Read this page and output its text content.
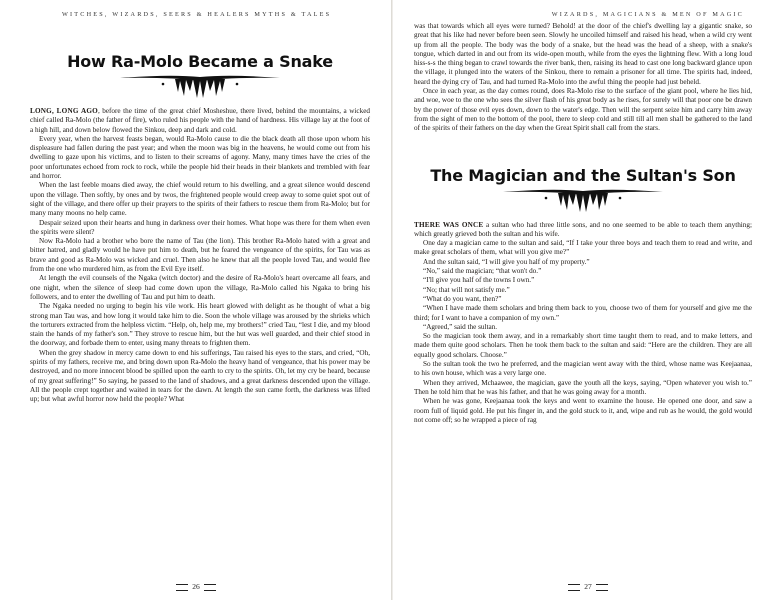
WITCHES, WIZARDS, SEERS & HEALERS MYTHS & TALES
How Ra-Molo Became a Snake

LONG, LONG AGO, before the time of the great chief Mosheshue, there lived, behind the mountains, a wicked chief called Ra-Molo (the father of fire), who ruled his people with the hand of hardness. His village lay at the foot of a high hill, and down below flowed the Sinkou, deep and dark and cold.

Every year, when the harvest feasts began, would Ra-Molo cause to die the black death all those upon whom his displeasure had fallen during the past year; and when the moon was big in the heavens, he would come out from his dwelling to gaze upon his victims, and to listen to their screams of agony. Many, many times have the cries of the poor unfortunates echoed from rock to rock, while the people hid their heads in their blankets and trembled with fear and horror.

When the last feeble moans died away, the chief would return to his dwelling, and a great silence would descend upon the village. Then softly, by ones and by twos, the frightened people would creep away to some quiet spot out of sight of the village, and there offer up their prayers to the spirits of their fathers to rescue them from Ra-Molo; but for many many moons no help came.

Despair seized upon their hearts and hung in darkness over their homes. What hope was there for them when even the spirits were silent?

Now Ra-Molo had a brother who bore the name of Tau (the lion). This brother Ra-Molo hated with a great and bitter hatred, and gladly would he have put him to death, but he feared the vengeance of the spirits, for Tau was as brave and good as Ra-Molo was wicked and cruel. Then also he knew that all the people loved Tau, and would flee from the one who murdered him, as from the Evil Eye itself.

At length the evil counsels of the Ngaka (witch doctor) and the desire of Ra-Molo's heart overcame all fears, and one night, when the silence of sleep had come down upon the village, Ra-Molo called his Ngaka to bring his followers, and to enter the dwelling of Tau and put him to death.

The Ngaka needed no urging to begin his vile work. His heart glowed with delight as he thought of what a big strong man Tau was, and how long it would take him to die. Soon the whole village was aroused by the shrieks which the torturers extracted from the helpless victim. “Help, oh, help me, my brothers!” cried Tau, “lest I die, and my blood stain the hands of my father's son.” They strove to rescue him, but the hut was well guarded, and their chief stood in the doorway, and forbade them to enter, using many threats to frighten them.

When the grey shadow in mercy came down to end his sufferings, Tau raised his eyes to the stars, and cried, “Oh, spirits of my fathers, receive me, and bring down upon Ra-Molo the heavy hand of vengeance, that his power may be destroyed, and no more innocent blood be spilled upon the earth to cry to the spirits. Oh, let my cry be heard, because of my great suffering!” So saying, he passed to the land of shadows, and a great darkness descended upon the village. All the people crept together and waited in tears for the dawn. At length the sun came forth, the darkness was lifted up; but what awful horror now held the people? What

26
WIZARDS, MAGICIANS & MEN OF MAGIC

was that towards which all eyes were turned? Behold! at the door of the chief's dwelling lay a gigantic snake, so great that his like had never before been seen. Slowly he uncoiled himself and raised his head, when a wild cry went up from all the people. The body was the body of a snake, but the head was the head of a sheep, with a snake's tongue, which darted in and out from its wide-open mouth, while from the eyes the lightning flew. With a long loud hiss-s-s the thing began to crawl towards the river bank, then, raising its head to cast one long backward glance upon the village, it plunged into the waters of the Sinkou, there to remain a prisoner for all time. The spirits had, indeed, heard the dying cry of Tau, and had turned Ra-Molo into the awful thing the people had just beheld.

Once in each year, as the day comes round, does Ra-Molo rise to the surface of the giant pool, where he lies hid, and woe, woe to the one who sees the silver flash of his great body as he rises, for surely will that poor one be drawn by the power of those evil eyes down, down to the water's edge. Then will the serpent seize him and carry him away from the sight of men to the bottom of the pool, there to sleep cold and still till all men shall be gathered to the land of the spirits of their fathers on the day when the Great Spirit shall call from the stars.

The Magician and the Sultan's Son

THERE WAS ONCE a sultan who had three little sons, and no one seemed to be able to teach them anything; which greatly grieved both the sultan and his wife.

One day a magician came to the sultan and said, “If I take your three boys and teach them to read and write, and make great scholars of them, what will you give me?”

And the sultan said, “I will give you half of my property.”

“No,” said the magician; “that won't do.”

“I'll give you half of the towns I own.”

“No; that will not satisfy me.”

“What do you want, then?”

“When I have made them scholars and bring them back to you, choose two of them for yourself and give me the third; for I want to have a companion of my own.”

“Agreed,” said the sultan.

So the magician took them away, and in a remarkably short time taught them to read, and to make letters, and made them quite good scholars. Then he took them back to the sultan and said: “Here are the children. They are all equally good scholars. Choose.”

So the sultan took the two he preferred, and the magician went away with the third, whose name was Keejaanaa, to his own house, which was a very large one.

When they arrived, Mchaawee, the magician, gave the youth all the keys, saying, “Open whatever you wish to.” Then he told him that he was his father, and that he was going away for a month.

When he was gone, Keejaanaa took the keys and went to examine the house. He opened one door, and saw a room full of liquid gold. He put his finger in, and the gold stuck to it, and, wipe and rub as he would, the gold would not come off; so he wrapped a piece of rag

27
